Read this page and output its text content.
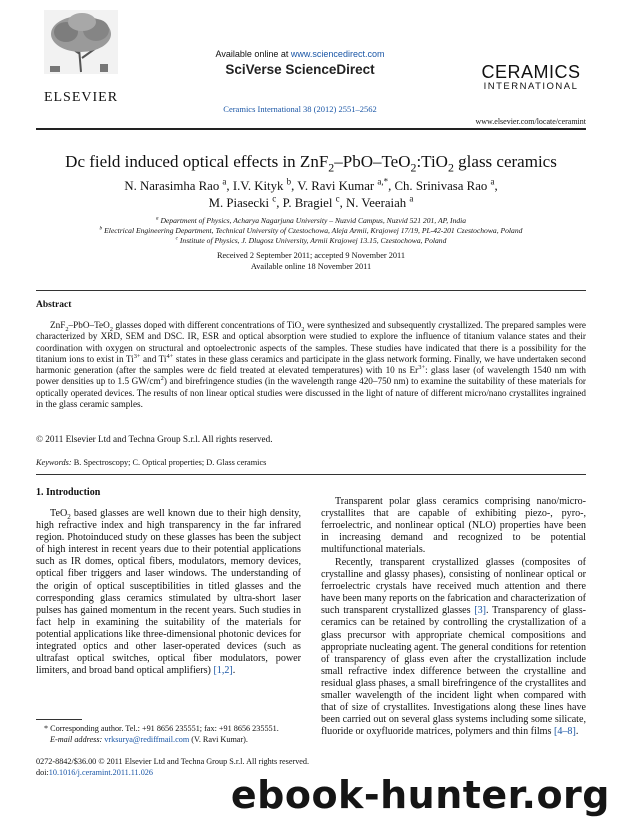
ELSEVIER
Available online at www.sciencedirect.com
SciVerse ScienceDirect
Ceramics International 38 (2012) 2551–2562
CERAMICS
INTERNATIONAL
www.elsevier.com/locate/ceramint
Dc field induced optical effects in ZnF$_2$–PbO–TeO$_2$:TiO$_2$ glass ceramics
N. Narasimha Rao $^a$, I.V. Kityk $^b$, V. Ravi Kumar $^{a,*}$, Ch. Srinivasa Rao $^a$,
M. Piasecki $^c$, P. Bragiel $^c$, N. Veeraiah $^a$
$^a$ Department of Physics, Acharya Nagarjuna University – Nuzvid Campus, Nuzvid 521 201, AP, India
$^b$ Electrical Engineering Department, Technical University of Czestochowa, Aleja Armii, Krajowej 17/19, PL-42-201 Czestochowa, Poland
$^c$ Institute of Physics, J. Dlugosz University, Armii Krajowej 13.15, Czestochowa, Poland
Received 2 September 2011; accepted 9 November 2011
Available online 18 November 2011
Abstract
ZnF$_2$–PbO–TeO$_2$ glasses doped with different concentrations of TiO$_2$ were synthesized and subsequently crystallized. The prepared samples were characterized by XRD, SEM and DSC. IR, ESR and optical absorption were studied to explore the influence of titanium valance states and their coordination with oxygen on structural and optoelectronic aspects of the samples. These studies have indicated that there is a possibility for the titanium ions to exist in $Ti^{3+}$ and $Ti^{4+}$ states in these glass ceramics and participate in the glass network forming. Finally, we have undertaken second harmonic generation (after the samples were dc field treated at elevated temperatures) with 10 ns $Er^{3+}$: glass laser (of wavelength 1540 nm with power densities up to 1.5 $GW/cm^2$) and birefringence studies (in the wavelength range 420–750 nm) to examine the suitability of these materials for optically operated devices. The results of non linear optical studies were discussed in the light of nature of different micro/nano crystallites ingrained in the glass ceramic samples.
© 2011 Elsevier Ltd and Techna Group S.r.l. All rights reserved.
Keywords: B. Spectroscopy; C. Optical properties; D. Glass ceramics
1. Introduction
TeO$_2$ based glasses are well known due to their high density, high refractive index and high transparency in the far infrared region. Photoinduced study on these glasses has been the subject of high interest in recent years due to their potential applications such as IR domes, optical fibers, modulators, memory devices, optical fiber triggers and laser windows. The understanding of the origin of optical susceptibilities in titled glasses and the corresponding glass ceramics stimulated by ultra-short laser pulses has gained momentum in the recent years. Such studies in fact help in examining the suitability of the materials for potential applications like three-dimensional photonic devices for integrated optics and other laser-operated devices (such as ultrafast optical switches, optical fiber modulators, power limiters, and broad band optical amplifiers) [1,2].
* Corresponding author. Tel.: +91 8656 235551; fax: +91 8656 235551.
E-mail address: vrksurya@rediffmail.com (V. Ravi Kumar).
0272-8842/$36.00 © 2011 Elsevier Ltd and Techna Group S.r.l. All rights reserved.
doi:10.1016/j.ceramint.2011.11.026
Transparent polar glass ceramics comprising nano/micro-crystallites that are capable of exhibiting piezo-, pyro-, ferroelectric, and nonlinear optical (NLO) properties have been in increasing demand and recognized to be potential multifunctional materials.
Recently, transparent crystallized glasses (composites of crystalline and glassy phases), consisting of nonlinear optical or ferroelectric crystals have received much attention and there have been many reports on the fabrication and characterization of such transparent crystallized glasses [3]. Transparency of glass-ceramics can be retained by controlling the crystallization of a glass precursor with appropriate chemical compositions and appropriate nucleating agent. The general conditions for retention of transparency of glass even after the crystallization include small refractive index difference between the crystalline and residual glass phases, a small birefringence of the crystallites and smaller wavelength of the incident light when compared with that of size of crystallites. Investigations along these lines have been carried out on several glass systems including some silicate, fluoride or oxyfluoride matrices, polymers and thin films [4–8].
ebook-hunter.org
